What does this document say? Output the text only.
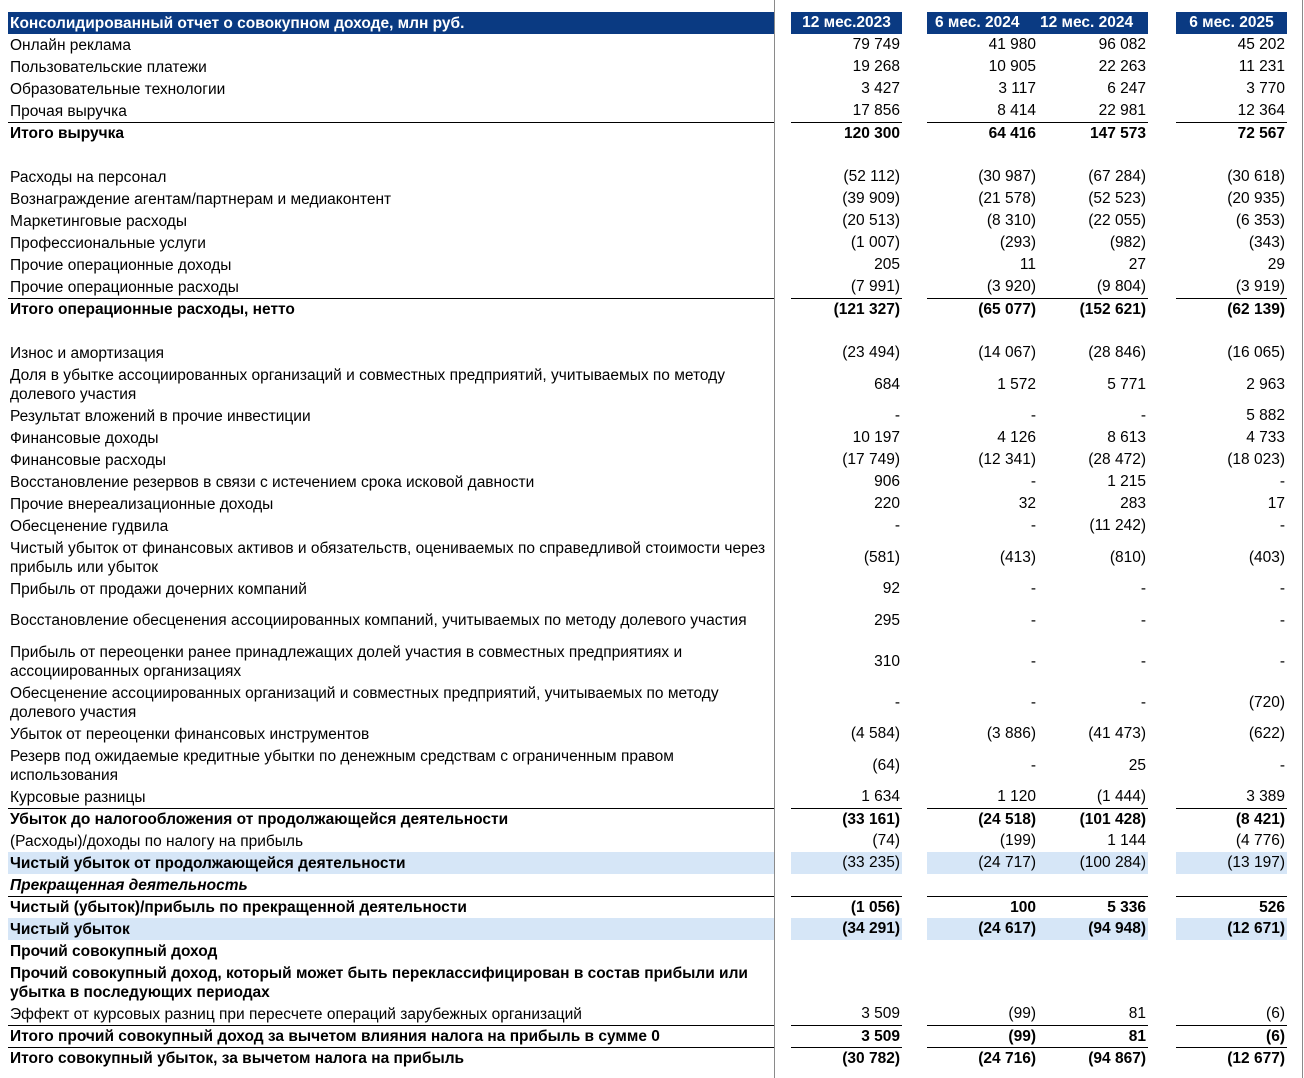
Консолидированный отчет о совокупном доходе, млн руб.	12 мес.2023	6 мес. 2024	12 мес. 2024	6 мес. 2025
Онлайн реклама	79 749	41 980	96 082	45 202
Пользовательские платежи	19 268	10 905	22 263	11 231
Образовательные технологии	3 427	3 117	6 247	3 770
Прочая выручка	17 856	8 414	22 981	12 364
Итого выручка	120 300	64 416	147 573	72 567
Расходы на персонал	(52 112)	(30 987)	(67 284)	(30 618)
Вознаграждение агентам/партнерам и медиаконтент	(39 909)	(21 578)	(52 523)	(20 935)
Маркетинговые расходы	(20 513)	(8 310)	(22 055)	(6 353)
Профессиональные услуги	(1 007)	(293)	(982)	(343)
Прочие операционные доходы	205	11	27	29
Прочие операционные расходы	(7 991)	(3 920)	(9 804)	(3 919)
Итого операционные расходы, нетто	(121 327)	(65 077)	(152 621)	(62 139)
Износ и амортизация	(23 494)	(14 067)	(28 846)	(16 065)
Доля в убытке ассоциированных организаций и совместных предприятий, учитываемых по методу долевого участия
684	1 572	5 771	2 963
Результат вложений в прочие инвестиции	-	-	-	5 882
Финансовые доходы	10 197	4 126	8 613	4 733
Финансовые расходы	(17 749)	(12 341)	(28 472)	(18 023)
Восстановление резервов в связи с истечением срока исковой давности	906	-	1 215	-
Прочие внереализационные доходы	220	32	283	17
Обесценение гудвила	-	-	(11 242)	-
Чистый убыток от финансовых активов и обязательств, оцениваемых по справедливой стоимости через прибыль или убыток
(581)	(413)	(810)	(403)
Прибыль от продажи дочерних компаний	92	-	-	-
Восстановление обесценения ассоциированных компаний, учитываемых по методу долевого участия	295	-	-	-
Прибыль от переоценки ранее принадлежащих долей участия в совместных предприятиях и ассоциированных организациях
310	-	-	-
Обесценение ассоциированных организаций и совместных предприятий, учитываемых по методу долевого участия
-	-	-	(720)
Убыток от переоценки финансовых инструментов	(4 584)	(3 886)	(41 473)	(622)
Резерв под ожидаемые кредитные убытки по денежным средствам с ограниченным правом использования
(64)	-	25	-
Курсовые разницы	1 634	1 120	(1 444)	3 389
Убыток до налогообложения от продолжающейся деятельности	(33 161)	(24 518)	(101 428)	(8 421)
(Расходы)/доходы по налогу на прибыль	(74)	(199)	1 144	(4 776)
Чистый убыток от продолжающейся деятельности	(33 235)	(24 717)	(100 284)	(13 197)
Прекращенная деятельность
Чистый (убыток)/прибыль по прекращенной деятельности	(1 056)	100	5 336	526
Чистый убыток	(34 291)	(24 617)	(94 948)	(12 671)
Прочий совокупный доход
Прочий совокупный доход, который может быть переклассифицирован в состав прибыли или убытка в последующих периодах
Эффект от курсовых разниц при пересчете операций зарубежных организаций	3 509	(99)	81	(6)
Итого прочий совокупный доход за вычетом влияния налога на прибыль в сумме 0	3 509	(99)	81	(6)
Итого совокупный убыток, за вычетом налога на прибыль	(30 782)	(24 716)	(94 867)	(12 677)
